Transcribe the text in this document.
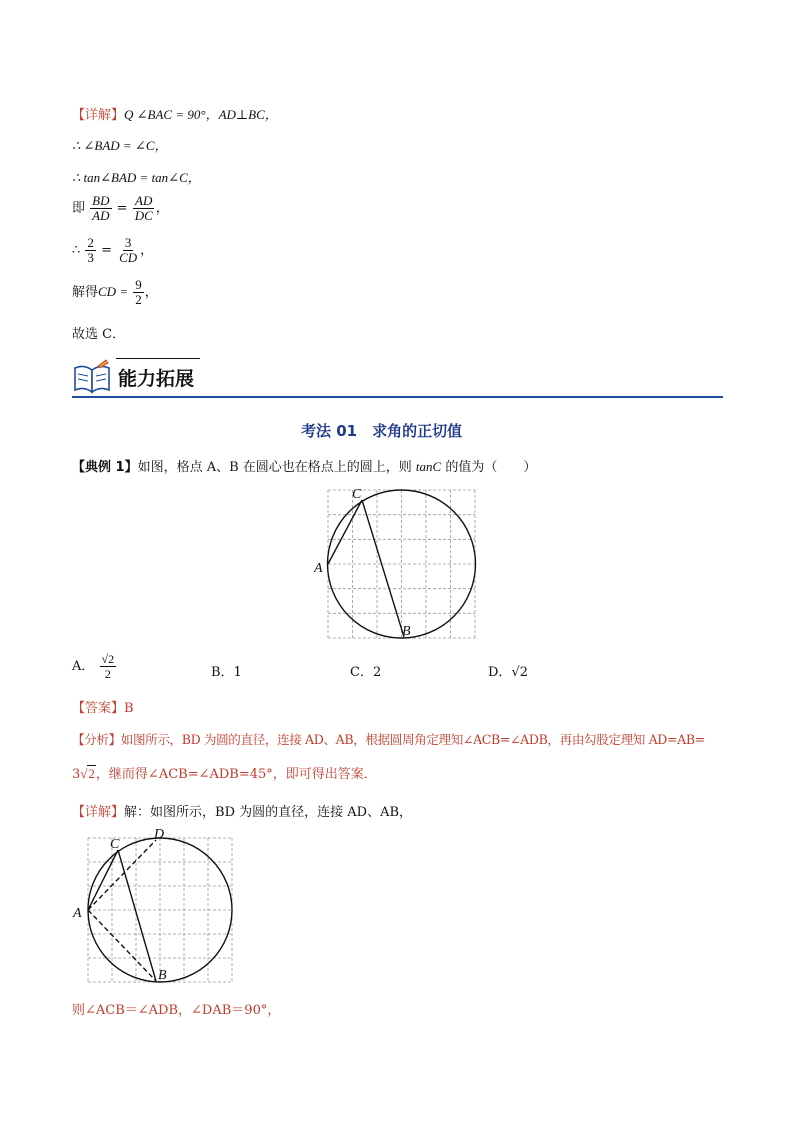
【详解】Q ∠BAC = 90°，AD⊥BC，
∴ ∠BAD = ∠C，
∴ tan∠BAD = tan∠C，
即 $\frac{BD}{AD} = \frac{AD}{DC}$ ，
∴ $\frac{2}{3} = \frac{3}{CD}$ ，
解得CD = $\frac{9}{2}$ ，
故选 C．
能力拓展
考法 01　求角的正切值
【典例 1】如图，格点 A、B 在圆心也在格点上的圆上，则 tanC 的值为（　　）
C
A
B
A． $\frac{√2}{2}$	B．1	C．2	D．√2
【答案】B
【分析】如图所示，BD 为圆的直径，连接 AD、AB，根据圆周角定理知∠ACB=∠ADB，再由勾股定理知 AD=AB=
3√2，继而得∠ACB=∠ADB=45°，即可得出答案．
【详解】解：如图所示，BD 为圆的直径，连接 AD、AB，
C
D
A
B
则∠ACB＝∠ADB，∠DAB＝90°，
